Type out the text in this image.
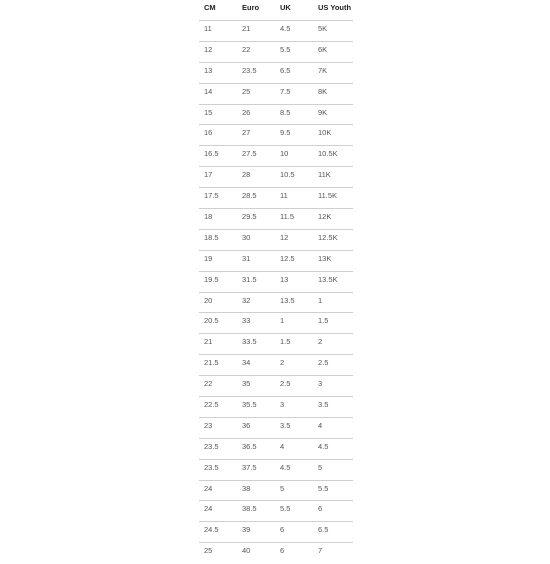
CM	Euro	UK	US Youth
11	21	4.5	5K
12	22	5.5	6K
13	23.5	6.5	7K
14	25	7.5	8K
15	26	8.5	9K
16	27	9.5	10K
16.5	27.5	10	10.5K
17	28	10.5	11K
17.5	28.5	11	11.5K
18	29.5	11.5	12K
18.5	30	12	12.5K
19	31	12.5	13K
19.5	31.5	13	13.5K
20	32	13.5	1
20.5	33	1	1.5
21	33.5	1.5	2
21.5	34	2	2.5
22	35	2.5	3
22.5	35.5	3	3.5
23	36	3.5	4
23.5	36.5	4	4.5
23.5	37.5	4.5	5
24	38	5	5.5
24	38.5	5.5	6
24.5	39	6	6.5
25	40	6	7
